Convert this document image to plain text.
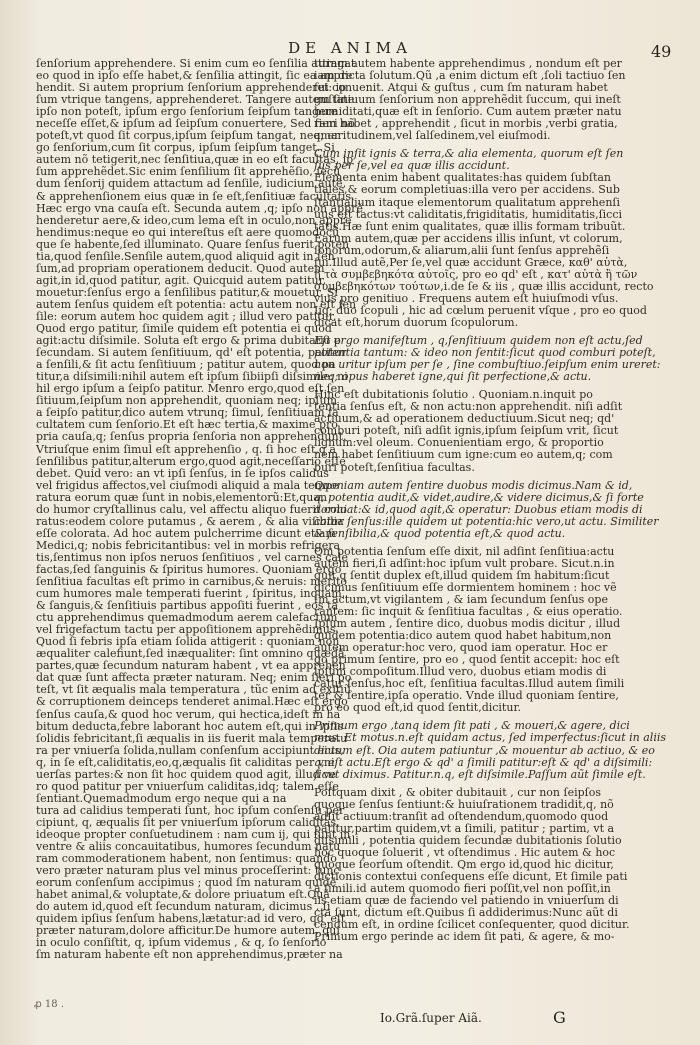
DE ANIMA	49
ſenſorium apprehendere. Si enim cum eo ſenſilia attingat
eo quod in ipſo eſſe habet,& ſenſilia attingit, ſic ea appre
hendit. Si autem proprium ſenſorium apprehenderet: ip
ſum vtrique tangens, apprehenderet. Tangere autem ſine
ipſo non poteſt, ipſum ergo ſenſorium ſeipſum tangere
neceſſe eſſet,& ipſum ad ſeipſum conuertere, Sed ſieri nõ
poteſt,vt quod ſit corpus,ipſum ſeipſum tangat, neq; er
go ſenſorium,cum ſit corpus, ipſum ſeipſum tanget. Si
autem nõ tetigerit,nec ſenſitiua,quæ in eo eſt facultas, ip
ſum apprehẽdet.Sic enim ſenſilium ſit apprehẽſio, ſecũ
dum ſenſorij quidem attactum ad ſenſile, iudicium autẽ,
& apprehenſionem eius quæ in ſe eſt,ſenſitiuæ facultatis.
Hæc ergo vna cauſa eſt. Secunda autem ,q; ipſo non apprẽ
henderetur aere,& ideo,cum lema eſt in oculo,non appre
hendimus:neque eo qui intereſtus eſt aere quomodocũ
que ſe habente,ſed illuminato. Quare ſenſus fuerit poten
tia,quod ſenſile.Senſile autem,quod aliquid agit in ſen
ſum,ad propriam operationem deducit. Quod autem
agit,in id,quod patitur, agit. Quicquid autem patitur,
mouetur:ſenſus ergo a ſenſilibus patitur,& mouetur. Si
autem ſenſus quidem eſt potentia: actu autem non eſt ſen
ſile: eorum autem hoc quidem agit ; illud vero patitur.
Quod ergo patitur, ſimile quidem eſt potentia ei quod
agit:actu diſsimile. Soluta eſt ergo & prima dubitatio p
ſecundam. Si autem ſenſitiuum, qd' eſt potentia, patitur
a ſenſili,& ſit actu ſenſitiuum ; patitur autem, quod pa
titur,a diſsimili:nihil autem eſt ipſum ſibiipſi diſsimile: ni
hil ergo ipſum a ſeipſo patitur. Menro ergo,quod eſt ſen
ſitiuum,ſeipſum non apprehendit, quoniam neq; ipſum
a ſeipſo patitur,dico autem vtrunq; ſimul, ſenſitiuam fa
cultatem cum ſenſorio.Et eſt hæc tertia,& maxime pro
pria cauſa,q; ſenſus propria ſenſoria non apprehendunt.
Vtriuſque enim ſimul eſt apprehenſio , q. ſi hoc eſt,q a
ſenſilibus patitur,alterum ergo,quod agit,neceſſario eſſe
debet. Quid vero: an vt ipſi ſenſus, in ſe ipſos calidus
vel frigidus affectos,vel ciuſmodi aliquid a mala tempe
ratura eorum quæ ſunt in nobis,elementorũ:Et,quan
do humor cryſtallinus calu, vel affectu aliquo fuerit colo
ratus:eodem colore putamus , & aerem , & alia viſibilia
eſſe colorata. Ad hoc autem pulcherrime dicunt etiam
Medici,q; nobis febricitantibus: vel in morbis refrigera
tis,ſentimus non ipſos neruos ſenſitiuos , vel carnes cale
factas,ſed ſanguinis & ſpiritus humores. Quoniam ergo
ſenſitiua facultas eſt primo in carnibus,& neruis: merito
cum humores male temperati fuerint , ſpiritus, inquam,
& ſanguis,& ſenſitiuis partibus appoſiti fuerint , eos ta
ctu apprehendimus quemadmodum aerem calefactum
vel frigefactum tactu per appoſitionem apprehẽdimus.
Quod ſi febris ipſa etiam ſolida attigerit : quoniam non
æqualiter calefiunt,ſed inæqualiter: ſint omnino quædã
partes,quæ ſecundum naturam habent , vt ea apprehen
dat quæ ſunt affecta præter naturam. Neq; enim ſieri po
teſt, vt ſit æqualis mala temperatura , tũc enim ad exitiũ
& corruptionem deinceps tenderet animal.Hæc eſt ergo
ſenſus cauſa,& quod hoc verum, qui hectica,ideſt in ha
bitum deducta,febre laborant hoc autem eſt,qui in ipſis
ſolidis febricitant,ſi æqualis in iis fuerit mala temperatu
ra per vniuerſa ſolida,nullam conſenſum accipiunt eius,
q, in ſe eſt,caliditatis,eo,q,æqualis ſit caliditas per vni
uerſas partes:& non ſit hoc quidem quod agit, illud ve
ro quod patitur per vniuerſum caliditas,idq; talem eſſe
ſentiant.Quemadmodum ergo neque qui a na
tura ad calidius temperati ſunt, hoc ipſum conſenſu per
cipiunt, q, æqualis ſit per vniuerſum ipſorum caliditas,
ideoque propter conſuetudinem : nam cum ij, qui ſunt in
ventre & aliis concauitatibus, humores ſecundum natu
ram commoderationem habent, non ſentimus: quando
vero præter naturam plus vel minus proceſſerint: tunc
eorum conſenſum accipimus ; quod ſm naturam quidẽ
habet animal,& voluptate,& dolore priuatum eſt.Quã
do autem id,quod eſt ſecundum naturam, dicimus , ſi
quidem ipſius ſenſum habens,lætatur:ad id vero, qd' eſt
præter naturam,dolore afficitur.De humore autem, qui
in oculo conſiſtit, q, ipſum videmus , & q, ſo ſenſorio
ſm naturam habente eſt non apprehendimus,præter na
turam autem habente apprehendimus , nondum eſt per
iam dicta ſolutum.Qũ ,a enim dictum eſt ,ſoli tactiuo ſen
ſui conuenit. Atqui & guſtus , cum ſm naturam habet
guſtatiuum ſenſorium non apprehẽdit ſuccum, qui ineſt
humiditati,quæ eſt in ſenſorio. Cum autem præter natu
ram habet , apprehendit , ſicut in morbis ,verbi gratia,
amaritudinem,vel ſalſedinem,vel eiuſmodi.
Cum inſit ignis & terra,& alia elementa, quorum eſt ſen
ſus per ſe,vel ea quæ illis accidunt.
Elementa enim habent qualitates:has quidem ſubſtan
tiales,& eorum completiuas:illa vero per accidens. Sub
ſtantialium itaque elementorum qualitatum apprehenſi
uus eſt tactus:vt caliditatis,frigiditatis, humiditatis,ſicci
tatis.Hæ ſunt enim qualitates, quæ illis formam tribuũt.
Earum autem,quæ per accidens illis inſunt, vt colorum,
ſonorum,odorum,& aliarum,alii ſunt ſenſus apprehẽſi
fui.Illud autẽ,Per ſe,vel quæ accidunt Græce, καθ' αὑτὰ,
ἢ τὰ συμβεβηκότα αὐτοῖς, pro eo qd' eſt , κατ' αὑτὰ ἢ τῶν
συμβεβηκότων τούτων,i.de ſe & iis , quæ illis accidunt, recto
vius pro genitiuo . Frequens autem eſt huiuſmodi vſus.
Iiq; duo ſcopuli , hic ad cœlum peruenit vſque , pro eo quod
dicat eſt,horum duorum ſcopulorum.
Eſt ergo manifeſtum , q,ſenſitiuum quidem non eſt actu,ſed
potentia tantum: & ideo non ſentit:ſicut quod comburi poteſt,
non uritur ipſum per ſe , ſine combuſtiuo.ſeipſum enim ureret:
neq; opus haberet igne,qui ſit perfectione,& actu.
Hinc eſt dubitationis ſolutio . Quoniam.n.inquit po
tentia ſenſus eſt, & non actu:non apprehendit. niſi adſit
actiuum,& ad operationem deductiuum.Sicut neq; qd'
comburi poteſt, niſi adſit ignis,ipſum ſeipſum vrit, ſicut
lignum:vel oleum. Conuenientiam ergo, & proportio
nem habet ſenſitiuum cum igne:cum eo autem,q; com
buri poteſt,ſenſitiua facultas.
Quoniam autem ſentire duobus modis dicimus.Nam & id,
q, potentia audit,& videt,audire,& videre dicimus,& ſi forte
dormiat:& id,quod agit,& operatur: Duobus etiam modis di
catur ſenſus:ille quidem ut potentia:hic vero,ut actu. Similiter
& ſenſibilia,& quod potentia eſt,& quod actu.
Qm potentia ſenſum eſſe dixit, nil adſint ſenſitiua:actu
autem fieri,ſi adſint:hoc ipſum vult probare. Sicut.n.in
quit,q ſentit duplex eſt,illud quidem ſm habitum:ſicut
dicimus ſenſitiuum eſſe dormientem hominem : hoc vẽ
ſm actum,vt vigilantem , & iam ſecundum ſenſus ope
rantem: ſic inquit & ſenſitiua facultas , & eius operatio.
Ipſum autem , ſentire dico, duobus modis dicitur , illud
quidem potentia:dico autem quod habet habitum,non
autem operatur:hoc vero, quod iam operatur. Hoc er
go primum ſentire, pro eo , quod ſentit accepit: hoc eſt
ipſum compoſitum.Illud vero, duobus etiam modis di
catur ſenſus,hoc eſt, ſenſitiua facultas.Illud autem ſimili
ter & ſentire,ipſa operatio. Vnde illud quoniam ſentire,
pro eo quod eſt,id quod ſentit,dicitur.
Primum ergo ,tanq idem ſit pati , & moueri,& agere, dici
mus. Et motus.n.eſt quidam actus, ſed imperfectus:ſicut in aliis
dictum eſt. Oia autem patiuntur ,& mouentur ab actiuo, & eo
q, eſt actu.Eſt ergo & qd' a ſimili patitur:eſt & qd' a diſsimili:
ſicut diximus. Patitur.n.q, eſt diſsimile.Paſſum aũt ſimile eſt.
Poſtquam dixit , & obiter dubitauit , cur non ſeipſos
quoque ſenſus ſentiunt:& huiuſrationem tradidit,q, nõ
adſit actiuum:tranſit ad oſtendendum,quomodo quod
patitur,partim quidem,vt a ſimili, patitur ; partim, vt a
diſsimili , potentia quidem ſecundæ dubitationis ſolutio
hoc quoque ſoluerit , vt oſtendimus . Hic autem & hoc
quoque ſeorſum oſtendit. Qm ergo id,quod hic dicitur,
dictionis contextui conſequens eſſe dicunt, Et ſimile pati
a ſimili.id autem quomodo fieri poſſit,vel non poſſit,in
iis etiam quæ de faciendo vel patiendo in vniuerſum di
cta ſunt, dictum eſt.Quibus ſi addiderimus:Nunc aũt di
cendum eſt, in ordine ſcilicet conſequenter, quod dicitur.
Primum ergo perinde ac idem ſit pati, & agere, & mo-
ꝓ 18 .
Io.Grã.ſuper Aiã.	G
